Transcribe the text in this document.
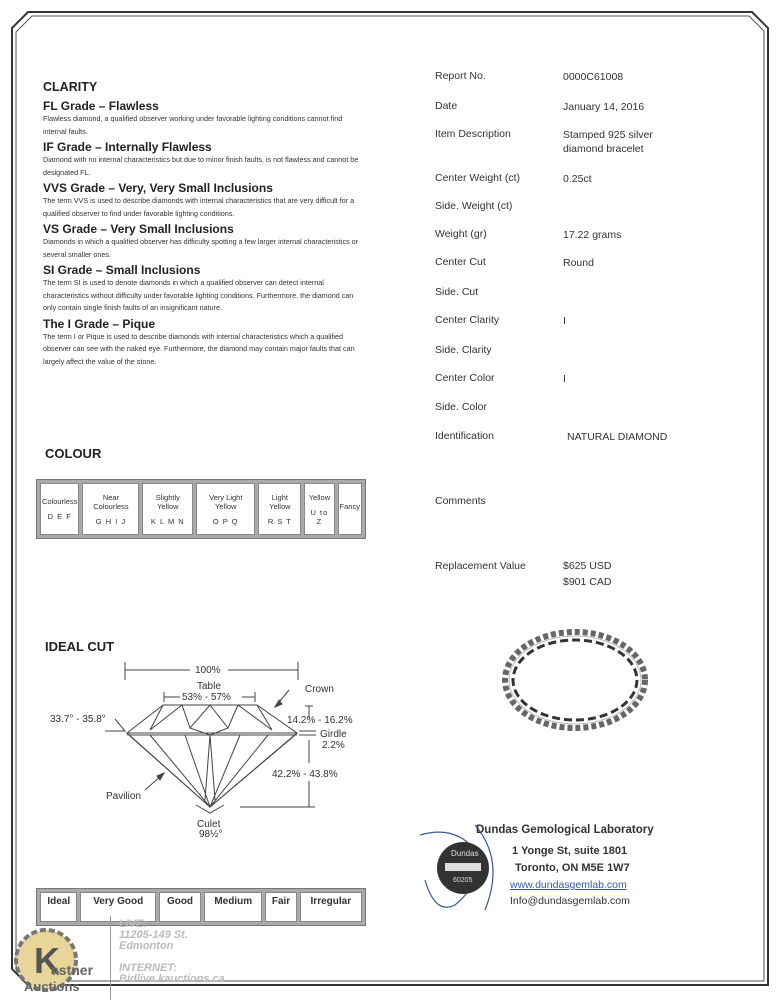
CLARITY
FL Grade – Flawless
Flawless diamond, a qualified observer working under favorable lighting conditions cannot find internal faults.
IF Grade – Internally Flawless
Diamond with no internal characteristics but due to minor finish faults, is not flawless and cannot be designated FL.
VVS Grade – Very, Very Small Inclusions
The term VVS is used to describe diamonds with internal characteristics that are very difficult for a qualified observer to find under favorable lighting conditions.
VS Grade – Very Small Inclusions
Diamonds in which a qualified observer has difficulty spotting a few larger internal characteristics or several smaller ones.
SI Grade – Small Inclusions
The term SI is used to denote diamonds in which a qualified observer can detect internal characteristics without difficulty under favorable lighting conditions. Furthermore, the diamond can only contain single finish faults of an insignificant nature.
The I Grade – Pique
The term I or Pique is used to describe diamonds with internal characteristics which a qualified observer can see with the naked eye. Furthermore, the diamond may contain major faults that can largely affect the value of the stone.
COLOUR
Colourless
D E F

Near Colourless
G H I J

Slightly Yellow
K L M N

Very Light Yellow
O P Q

Light Yellow
R S T

Yellow
U to Z

Fancy
IDEAL CUT
100%
Table
53% - 57%
Crown
33.7° - 35.8°	14.2% - 16.2%
Girdle
2.2%
42.2% - 43.8%
Pavilion
Culet
98½°
Ideal	Very Good	Good	Medium	Fair	Irregular
K
astner
Auctions
LIVE:
11205-149 St.
Edmonton
INTERNET:
Bidlive.kauctions.ca
Report No.	0000C61008
Date	January 14, 2016
Item Description	Stamped 925 silver diamond bracelet
Center Weight (ct)	0.25ct
Side. Weight (ct)
Weight (gr)	17.22 grams
Center Cut	Round
Side. Cut
Center Clarity	I
Side. Clarity
Center Color	I
Side. Color
Identification	NATURAL DIAMOND
Comments
Replacement Value	$625 USD
$901 CAD
Dundas
60205
Dundas Gemological Laboratory
1 Yonge St, suite 1801
Toronto, ON M5E 1W7
www.dundasgemlab.com
Info@dundasgemlab.com
